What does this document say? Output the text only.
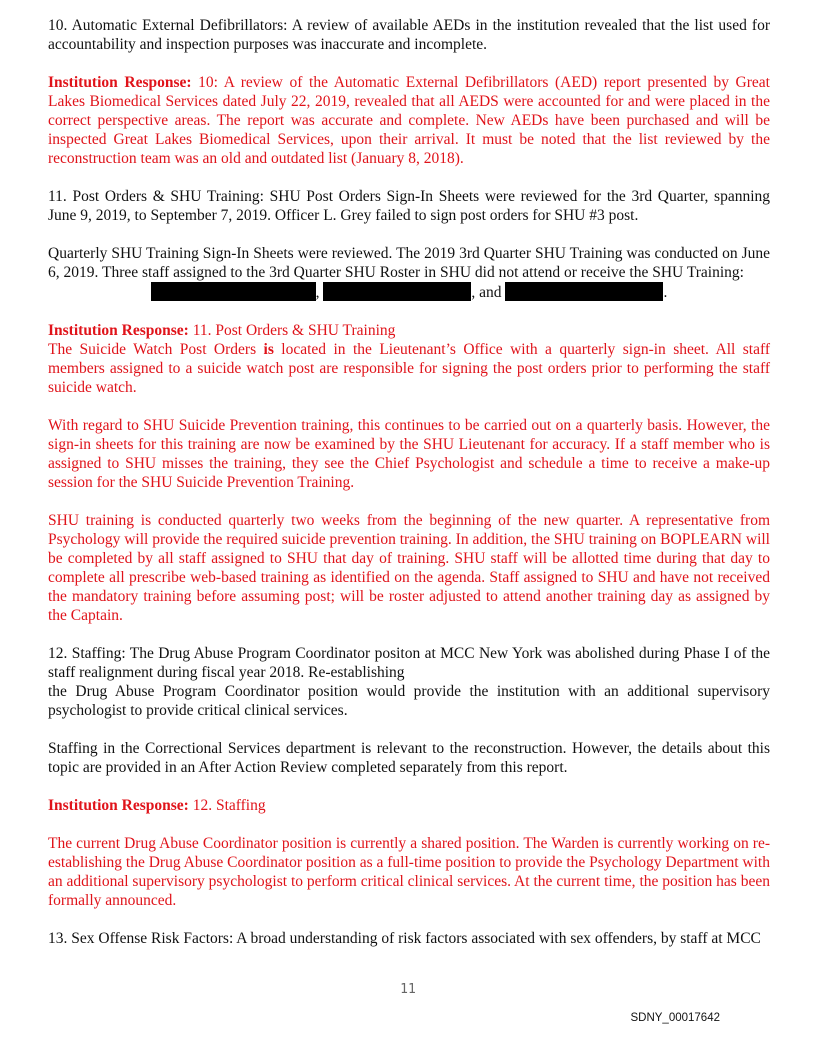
10. Automatic External Defibrillators: A review of available AEDs in the institution revealed that the list used for accountability and inspection purposes was inaccurate and incomplete.

Institution Response: 10: A review of the Automatic External Defibrillators (AED) report presented by Great Lakes Biomedical Services dated July 22, 2019, revealed that all AEDS were accounted for and were placed in the correct perspective areas. The report was accurate and complete. New AEDs have been purchased and will be inspected Great Lakes Biomedical Services, upon their arrival. It must be noted that the list reviewed by the reconstruction team was an old and outdated list (January 8, 2018).

11. Post Orders & SHU Training: SHU Post Orders Sign-In Sheets were reviewed for the 3rd Quarter, spanning June 9, 2019, to September 7, 2019. Officer L. Grey failed to sign post orders for SHU #3 post.

Quarterly SHU Training Sign-In Sheets were reviewed. The 2019 3rd Quarter SHU Training was conducted on June 6, 2019. Three staff assigned to the 3rd Quarter SHU Roster in SHU did not attend or receive the SHU Training:
,	, and	.

Institution Response: 11. Post Orders & SHU Training

The Suicide Watch Post Orders is located in the Lieutenant’s Office with a quarterly sign-in sheet. All staff members assigned to a suicide watch post are responsible for signing the post orders prior to performing the staff suicide watch.

With regard to SHU Suicide Prevention training, this continues to be carried out on a quarterly basis. However, the sign-in sheets for this training are now be examined by the SHU Lieutenant for accuracy. If a staff member who is assigned to SHU misses the training, they see the Chief Psychologist and schedule a time to receive a make-up session for the SHU Suicide Prevention Training.

SHU training is conducted quarterly two weeks from the beginning of the new quarter. A representative from Psychology will provide the required suicide prevention training. In addition, the SHU training on BOPLEARN will be completed by all staff assigned to SHU that day of training. SHU staff will be allotted time during that day to complete all prescribe web-based training as identified on the agenda. Staff assigned to SHU and have not received the mandatory training before assuming post; will be roster adjusted to attend another training day as assigned by the Captain.

12. Staffing: The Drug Abuse Program Coordinator positon at MCC New York was abolished during Phase I of the staff realignment during fiscal year 2018. Re-establishing

the Drug Abuse Program Coordinator position would provide the institution with an additional supervisory psychologist to provide critical clinical services.

Staffing in the Correctional Services department is relevant to the reconstruction. However, the details about this topic are provided in an After Action Review completed separately from this report.

Institution Response: 12. Staffing

The current Drug Abuse Coordinator position is currently a shared position. The Warden is currently working on re-establishing the Drug Abuse Coordinator position as a full-time position to provide the Psychology Department with an additional supervisory psychologist to perform critical clinical services. At the current time, the position has been formally announced.

13. Sex Offense Risk Factors: A broad understanding of risk factors associated with sex offenders, by staff at MCC

11
SDNY_00017642
